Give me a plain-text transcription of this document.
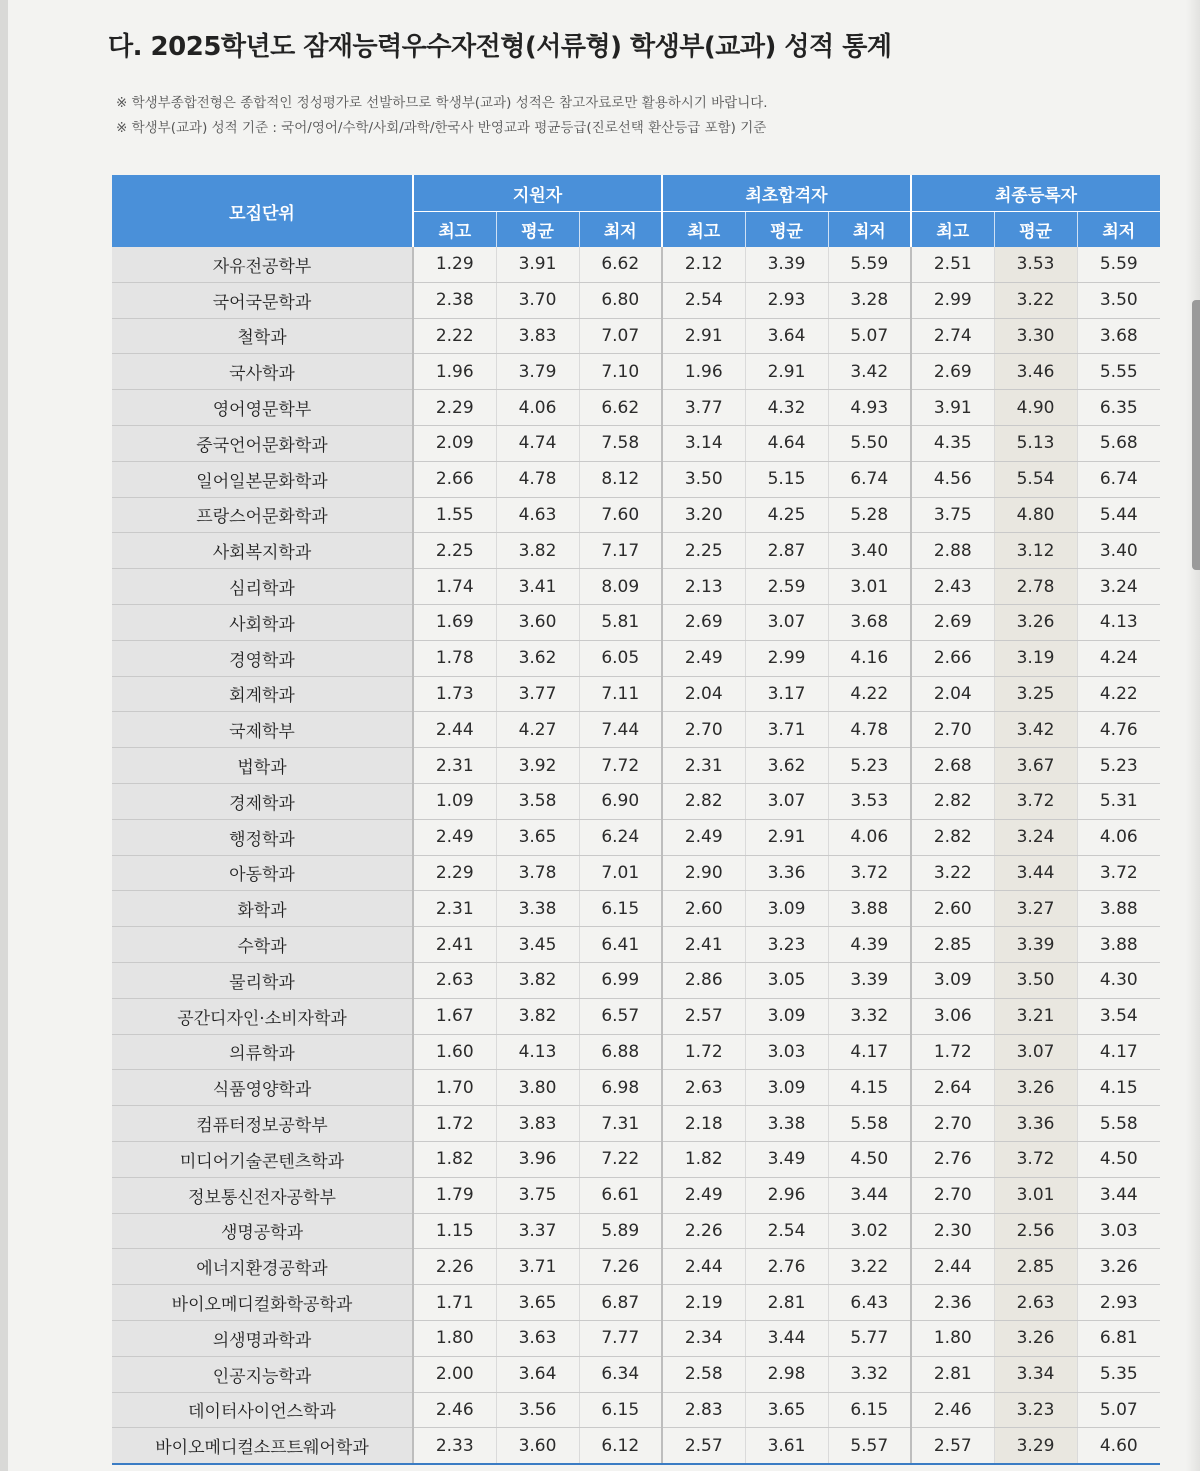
다. 2025학년도 잠재능력우수자전형(서류형) 학생부(교과) 성적 통계
※ 학생부종합전형은 종합적인 정성평가로 선발하므로 학생부(교과) 성적은 참고자료로만 활용하시기 바랍니다.
※ 학생부(교과) 성적 기준 : 국어/영어/수학/사회/과학/한국사 반영교과 평균등급(진로선택 환산등급 포함) 기준
모집단위	지원자			최초합격자			최종등록자		
	최고	평균	최저	최고	평균	최저	최고	평균	최저
자유전공학부	1.29	3.91	6.62	2.12	3.39	5.59	2.51	3.53	5.59
국어국문학과	2.38	3.70	6.80	2.54	2.93	3.28	2.99	3.22	3.50
철학과	2.22	3.83	7.07	2.91	3.64	5.07	2.74	3.30	3.68
국사학과	1.96	3.79	7.10	1.96	2.91	3.42	2.69	3.46	5.55
영어영문학부	2.29	4.06	6.62	3.77	4.32	4.93	3.91	4.90	6.35
중국언어문화학과	2.09	4.74	7.58	3.14	4.64	5.50	4.35	5.13	5.68
일어일본문화학과	2.66	4.78	8.12	3.50	5.15	6.74	4.56	5.54	6.74
프랑스어문화학과	1.55	4.63	7.60	3.20	4.25	5.28	3.75	4.80	5.44
사회복지학과	2.25	3.82	7.17	2.25	2.87	3.40	2.88	3.12	3.40
심리학과	1.74	3.41	8.09	2.13	2.59	3.01	2.43	2.78	3.24
사회학과	1.69	3.60	5.81	2.69	3.07	3.68	2.69	3.26	4.13
경영학과	1.78	3.62	6.05	2.49	2.99	4.16	2.66	3.19	4.24
회계학과	1.73	3.77	7.11	2.04	3.17	4.22	2.04	3.25	4.22
국제학부	2.44	4.27	7.44	2.70	3.71	4.78	2.70	3.42	4.76
법학과	2.31	3.92	7.72	2.31	3.62	5.23	2.68	3.67	5.23
경제학과	1.09	3.58	6.90	2.82	3.07	3.53	2.82	3.72	5.31
행정학과	2.49	3.65	6.24	2.49	2.91	4.06	2.82	3.24	4.06
아동학과	2.29	3.78	7.01	2.90	3.36	3.72	3.22	3.44	3.72
화학과	2.31	3.38	6.15	2.60	3.09	3.88	2.60	3.27	3.88
수학과	2.41	3.45	6.41	2.41	3.23	4.39	2.85	3.39	3.88
물리학과	2.63	3.82	6.99	2.86	3.05	3.39	3.09	3.50	4.30
공간디자인·소비자학과	1.67	3.82	6.57	2.57	3.09	3.32	3.06	3.21	3.54
의류학과	1.60	4.13	6.88	1.72	3.03	4.17	1.72	3.07	4.17
식품영양학과	1.70	3.80	6.98	2.63	3.09	4.15	2.64	3.26	4.15
컴퓨터정보공학부	1.72	3.83	7.31	2.18	3.38	5.58	2.70	3.36	5.58
미디어기술콘텐츠학과	1.82	3.96	7.22	1.82	3.49	4.50	2.76	3.72	4.50
정보통신전자공학부	1.79	3.75	6.61	2.49	2.96	3.44	2.70	3.01	3.44
생명공학과	1.15	3.37	5.89	2.26	2.54	3.02	2.30	2.56	3.03
에너지환경공학과	2.26	3.71	7.26	2.44	2.76	3.22	2.44	2.85	3.26
바이오메디컬화학공학과	1.71	3.65	6.87	2.19	2.81	6.43	2.36	2.63	2.93
의생명과학과	1.80	3.63	7.77	2.34	3.44	5.77	1.80	3.26	6.81
인공지능학과	2.00	3.64	6.34	2.58	2.98	3.32	2.81	3.34	5.35
데이터사이언스학과	2.46	3.56	6.15	2.83	3.65	6.15	2.46	3.23	5.07
바이오메디컬소프트웨어학과	2.33	3.60	6.12	2.57	3.61	5.57	2.57	3.29	4.60
